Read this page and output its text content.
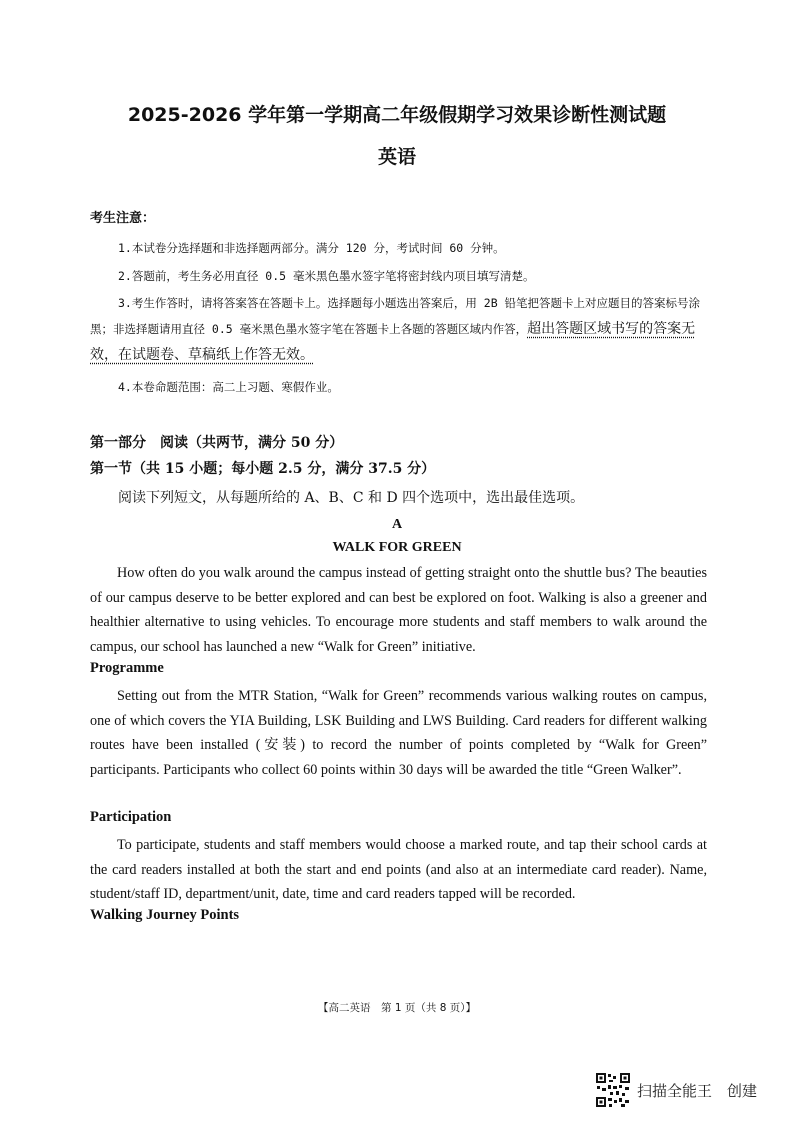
2025-2026 学年第一学期高二年级假期学习效果诊断性测试题
英语
考生注意：
1.本试卷分选择题和非选择题两部分。满分 120 分，考试时间 60 分钟。
2.答题前，考生务必用直径 0.5 毫米黑色墨水签字笔将密封线内项目填写清楚。
3.考生作答时，请将答案答在答题卡上。选择题每小题选出答案后，用 2B 铅笔把答题卡上对应题目的答案标号涂黑；非选择题请用直径 0.5 毫米黑色墨水签字笔在答题卡上各题的答题区域内作答，超出答题区域书写的答案无效，在试题卷、草稿纸上作答无效。
4.本卷命题范围：高二上习题、寒假作业。
第一部分　阅读（共两节，满分 50 分）
第一节（共 15 小题；每小题 2.5 分，满分 37.5 分）
阅读下列短文，从每题所给的 A、B、C 和 D 四个选项中，选出最佳选项。
A
WALK FOR GREEN
How often do you walk around the campus instead of getting straight onto the shuttle bus? The beauties of our campus deserve to be better explored and can best be explored on foot. Walking is also a greener and healthier alternative to using vehicles. To encourage more students and staff members to walk around the campus, our school has launched a new “Walk for Green” initiative.
Programme
Setting out from the MTR Station, “Walk for Green” recommends various walking routes on campus, one of which covers the YIA Building, LSK Building and LWS Building. Card readers for different walking routes have been installed (安装) to record the number of points completed by “Walk for Green” participants. Participants who collect 60 points within 30 days will be awarded the title “Green Walker”.
Participation
To participate, students and staff members would choose a marked route, and tap their school cards at the card readers installed at both the start and end points (and also at an intermediate card reader). Name, student/staff ID, department/unit, date, time and card readers tapped will be recorded.
Walking Journey Points
【高二英语　第 1 页（共 8 页）】
扫描全能王　创建
